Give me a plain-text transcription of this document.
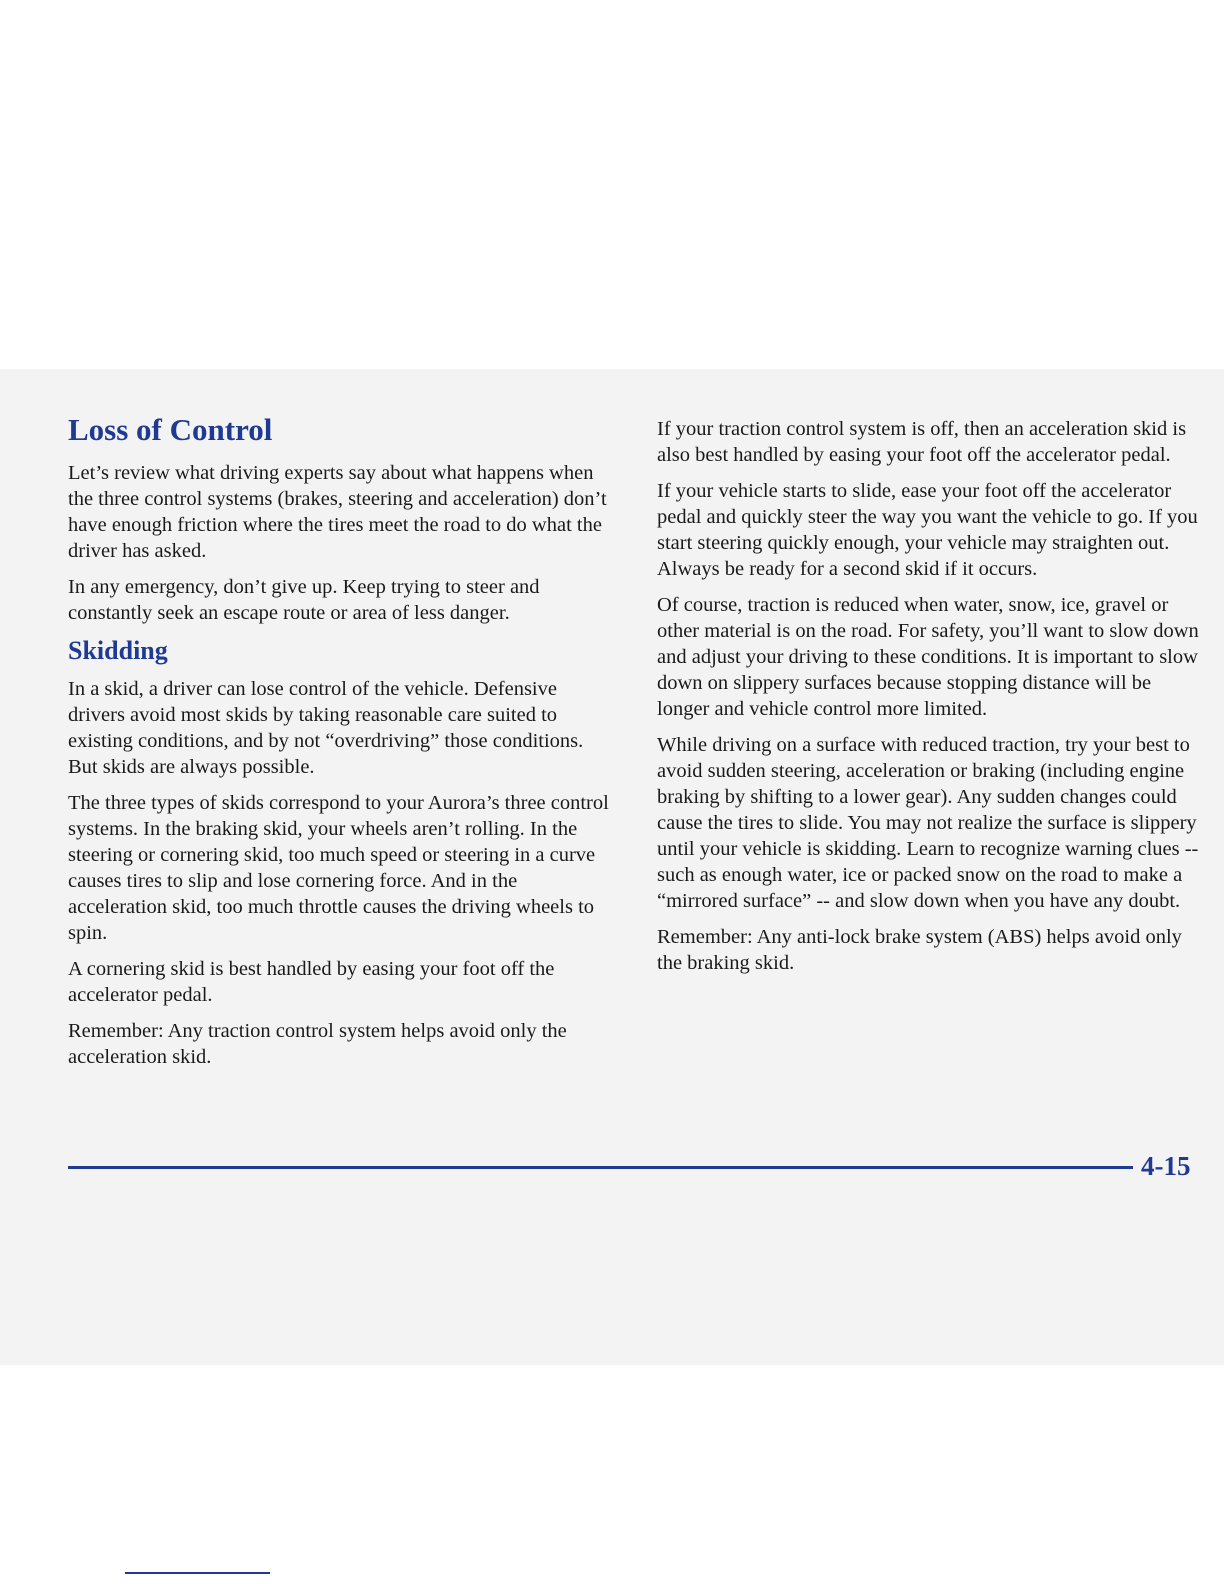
Loss of Control

Let’s review what driving experts say about what happens when the three control systems (brakes, steering and acceleration) don’t have enough friction where the tires meet the road to do what the driver has asked.

In any emergency, don’t give up. Keep trying to steer and constantly seek an escape route or area of less danger.

Skidding

In a skid, a driver can lose control of the vehicle. Defensive drivers avoid most skids by taking reasonable care suited to existing conditions, and by not “overdriving” those conditions. But skids are always possible.

The three types of skids correspond to your Aurora’s three control systems. In the braking skid, your wheels aren’t rolling. In the steering or cornering skid, too much speed or steering in a curve causes tires to slip and lose cornering force. And in the acceleration skid, too much throttle causes the driving wheels to spin.

A cornering skid is best handled by easing your foot off the accelerator pedal.

Remember: Any traction control system helps avoid only the acceleration skid.

If your traction control system is off, then an acceleration skid is also best handled by easing your foot off the accelerator pedal.

If your vehicle starts to slide, ease your foot off the accelerator pedal and quickly steer the way you want the vehicle to go. If you start steering quickly enough, your vehicle may straighten out. Always be ready for a second skid if it occurs.

Of course, traction is reduced when water, snow, ice, gravel or other material is on the road. For safety, you’ll want to slow down and adjust your driving to these conditions. It is important to slow down on slippery surfaces because stopping distance will be longer and vehicle control more limited.

While driving on a surface with reduced traction, try your best to avoid sudden steering, acceleration or braking (including engine braking by shifting to a lower gear). Any sudden changes could cause the tires to slide. You may not realize the surface is slippery until your vehicle is skidding. Learn to recognize warning clues -- such as enough water, ice or packed snow on the road to make a “mirrored surface” -- and slow down when you have any doubt.

Remember: Any anti-lock brake system (ABS) helps avoid only the braking skid.

4-15
